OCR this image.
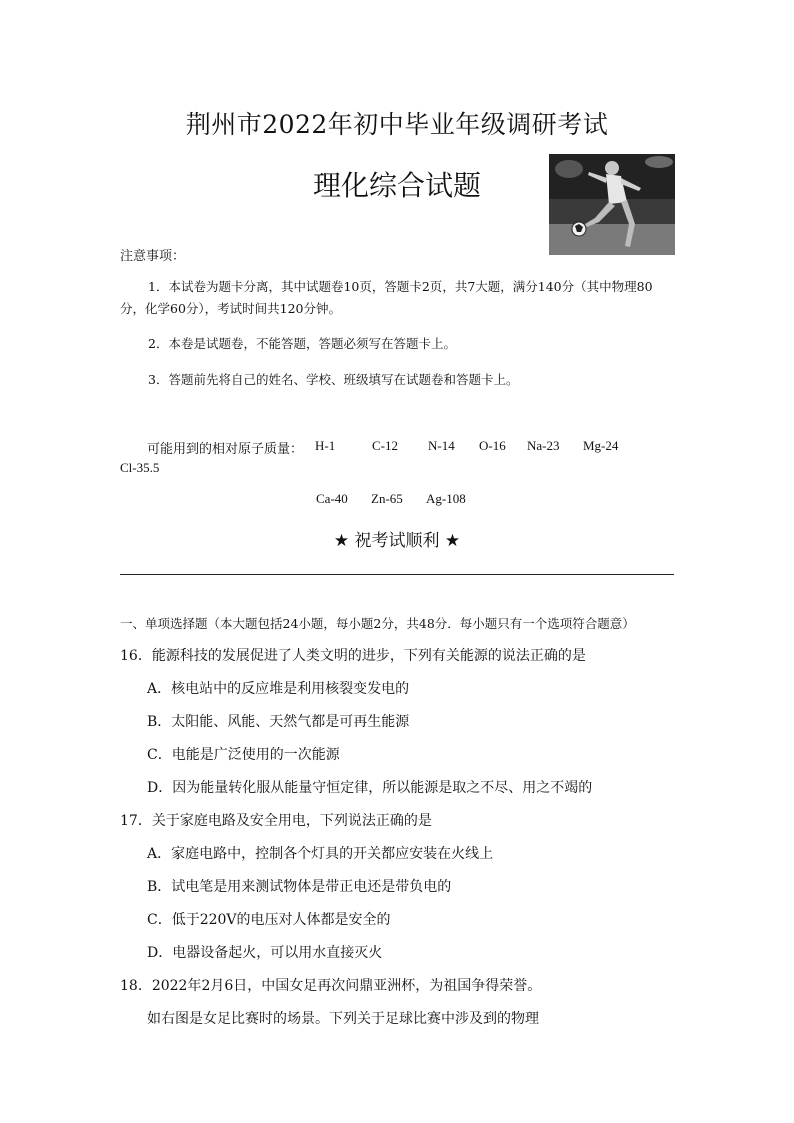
荆州市2022年初中毕业年级调研考试
理化综合试题
注意事项：
1．本试卷为题卡分离，其中试题卷10页，答题卡2页，共7大题，满分140分（其中物理80分，化学60分），考试时间共120分钟。
2．本卷是试题卷，不能答题，答题必须写在答题卡上。
3．答题前先将自己的姓名、学校、班级填写在试题卷和答题卡上。
可能用到的相对原子质量： H-1	C-12 N-14 O-16 Na-23 Mg-24
Cl-35.5
Ca-40 Zn-65 Ag-108
★ 祝考试顺利 ★
一、单项选择题（本大题包括24小题，每小题2分，共48分．每小题只有一个选项符合题意）
16．能源科技的发展促进了人类文明的进步，下列有关能源的说法正确的是
A．核电站中的反应堆是利用核裂变发电的
B．太阳能、风能、天然气都是可再生能源
C．电能是广泛使用的一次能源
D．因为能量转化服从能量守恒定律，所以能源是取之不尽、用之不竭的
17．关于家庭电路及安全用电，下列说法正确的是
A．家庭电路中，控制各个灯具的开关都应安装在火线上
B．试电笔是用来测试物体是带正电还是带负电的
C．低于220V的电压对人体都是安全的
D．电器设备起火，可以用水直接灭火
18．2022年2月6日，中国女足再次问鼎亚洲杯，为祖国争得荣誉。
如右图是女足比赛时的场景。下列关于足球比赛中涉及到的物理
